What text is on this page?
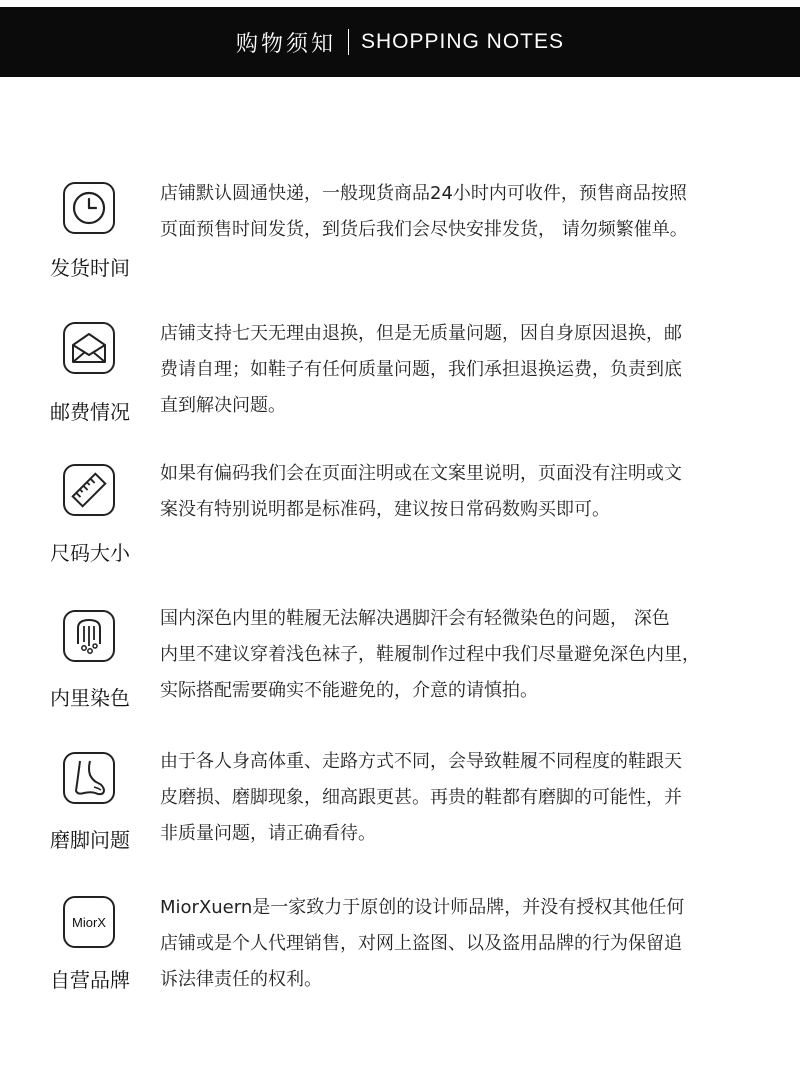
购物须知 SHOPPING NOTES
发货时间

店铺默认圆通快递，一般现货商品24小时内可收件，预售商品按照
页面预售时间发货，到货后我们会尽快安排发货， 请勿频繁催单。

邮费情况

店铺支持七天无理由退换，但是无质量问题，因自身原因退换，邮
费请自理；如鞋子有任何质量问题，我们承担退换运费，负责到底
直到解决问题。

尺码大小

如果有偏码我们会在页面注明或在文案里说明，页面没有注明或文
案没有特别说明都是标准码，建议按日常码数购买即可。

内里染色

国内深色内里的鞋履无法解决遇脚汗会有轻微染色的问题， 深色
内里不建议穿着浅色袜子，鞋履制作过程中我们尽量避免深色内里，
实际搭配需要确实不能避免的，介意的请慎拍。

磨脚问题

由于各人身高体重、走路方式不同，会导致鞋履不同程度的鞋跟天
皮磨损、磨脚现象，细高跟更甚。再贵的鞋都有磨脚的可能性，并
非质量问题，请正确看待。

MiorX
自营品牌

MiorXuern是一家致力于原创的设计师品牌，并没有授权其他任何
店铺或是个人代理销售，对网上盗图、以及盗用品牌的行为保留追
诉法律责任的权利。
